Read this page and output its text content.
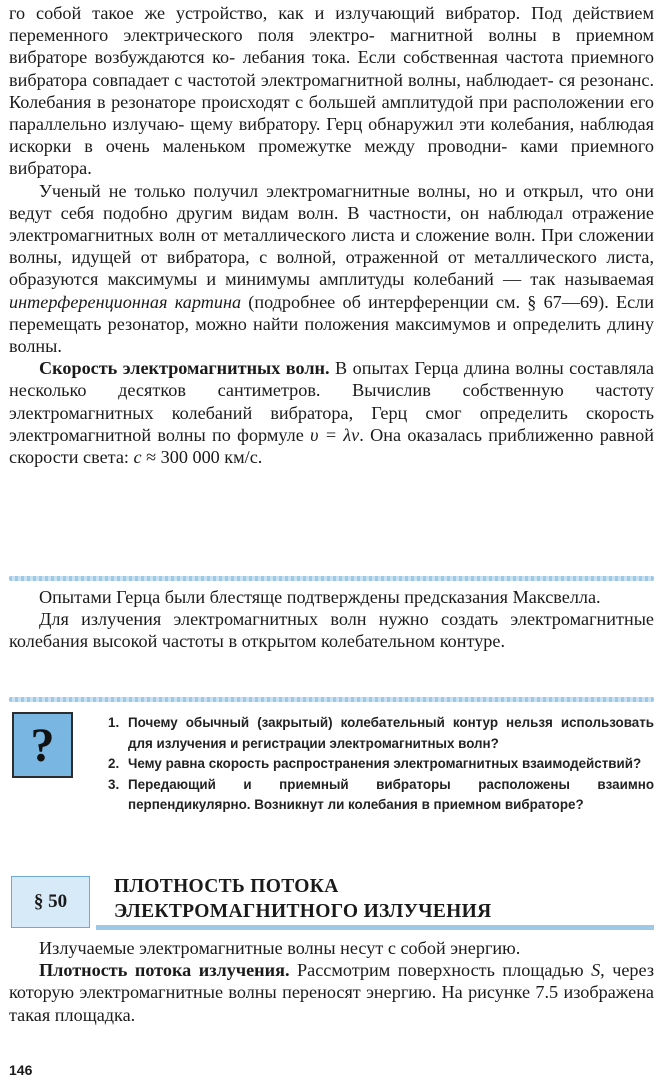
го собой такое же устройство, как и излучающий вибратор. Под действием переменного электрического поля электро- магнитной волны в приемном вибраторе возбуждаются ко- лебания тока. Если собственная частота приемного вибратора совпадает с частотой электромагнитной волны, наблюдает- ся резонанс. Колебания в резонаторе происходят с большей амплитудой при расположении его параллельно излучаю- щему вибратору. Герц обнаружил эти колебания, наблюдая искорки в очень маленьком промежутке между проводни- ками приемного вибратора.

Ученый не только получил электромагнитные волны, но и открыл, что они ведут себя подобно другим видам волн. В частности, он наблюдал отражение электромагнитных волн от металлического листа и сложение волн. При сложении волны, идущей от вибратора, с волной, отраженной от металлического листа, образуются максимумы и минимумы амплитуды колебаний — так называемая интерференционная картина (подробнее об интерференции см. § 67—69). Если перемещать резонатор, можно найти положения максимумов и определить длину волны.

Скорость электромагнитных волн. В опытах Герца длина волны составляла несколько десятков сантиметров. Вычислив собственную частоту электромагнитных колебаний вибратора, Герц смог определить скорость электромагнитной волны по формуле υ = λν. Она оказалась приближенно равной скорости света: c ≈ 300 000 км/с.

Опытами Герца были блестяще подтверждены предсказания Максвелла.

Для излучения электромагнитных волн нужно создать электромагнитные колебания высокой частоты в открытом колебательном контуре.

?	1. Почему обычный (закрытый) колебательный контур нельзя использовать для излучения и регистрации электромагнитных волн?
2. Чему равна скорость распространения электромагнитных взаимодействий?
3. Передающий и приемный вибраторы расположены взаимно перпендикулярно. Возникнут ли колебания в приемном вибраторе?
§ 50
ПЛОТНОСТЬ ПОТОКА
ЭЛЕКТРОМАГНИТНОГО ИЗЛУЧЕНИЯ

Излучаемые электромагнитные волны несут с собой энергию.

Плотность потока излучения. Рассмотрим поверхность площадью S, через которую электромагнитные волны переносят энергию. На рисунке 7.5 изображена такая площадка.

146
